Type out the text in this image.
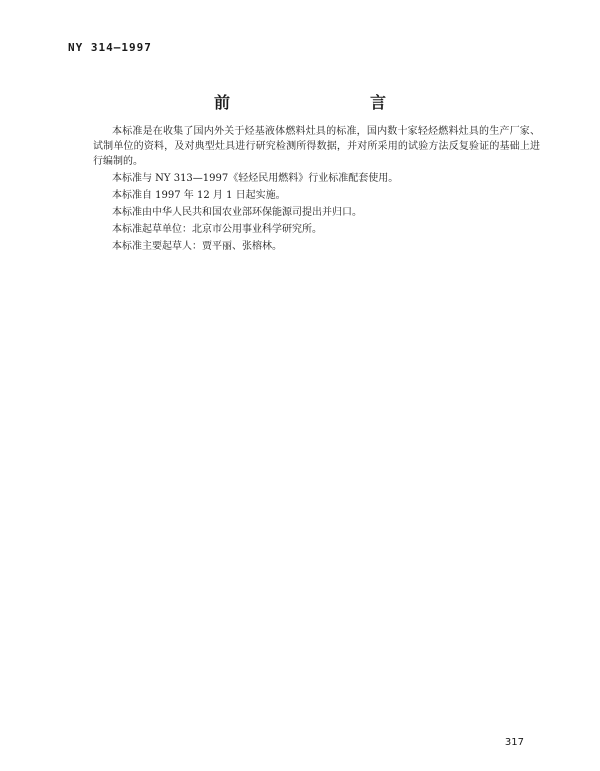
NY 314—1997
前　　言

本标准是在收集了国内外关于烃基液体燃料灶具的标准，国内数十家轻烃燃料灶具的生产厂家、试制单位的资料，及对典型灶具进行研究检测所得数据，并对所采用的试验方法反复验证的基础上进行编制的。

本标准与 NY 313—1997《轻烃民用燃料》行业标准配套使用。

本标准自 1997 年 12 月 1 日起实施。

本标准由中华人民共和国农业部环保能源司提出并归口。

本标准起草单位：北京市公用事业科学研究所。

本标准主要起草人：贾平丽、张榕林。

317
